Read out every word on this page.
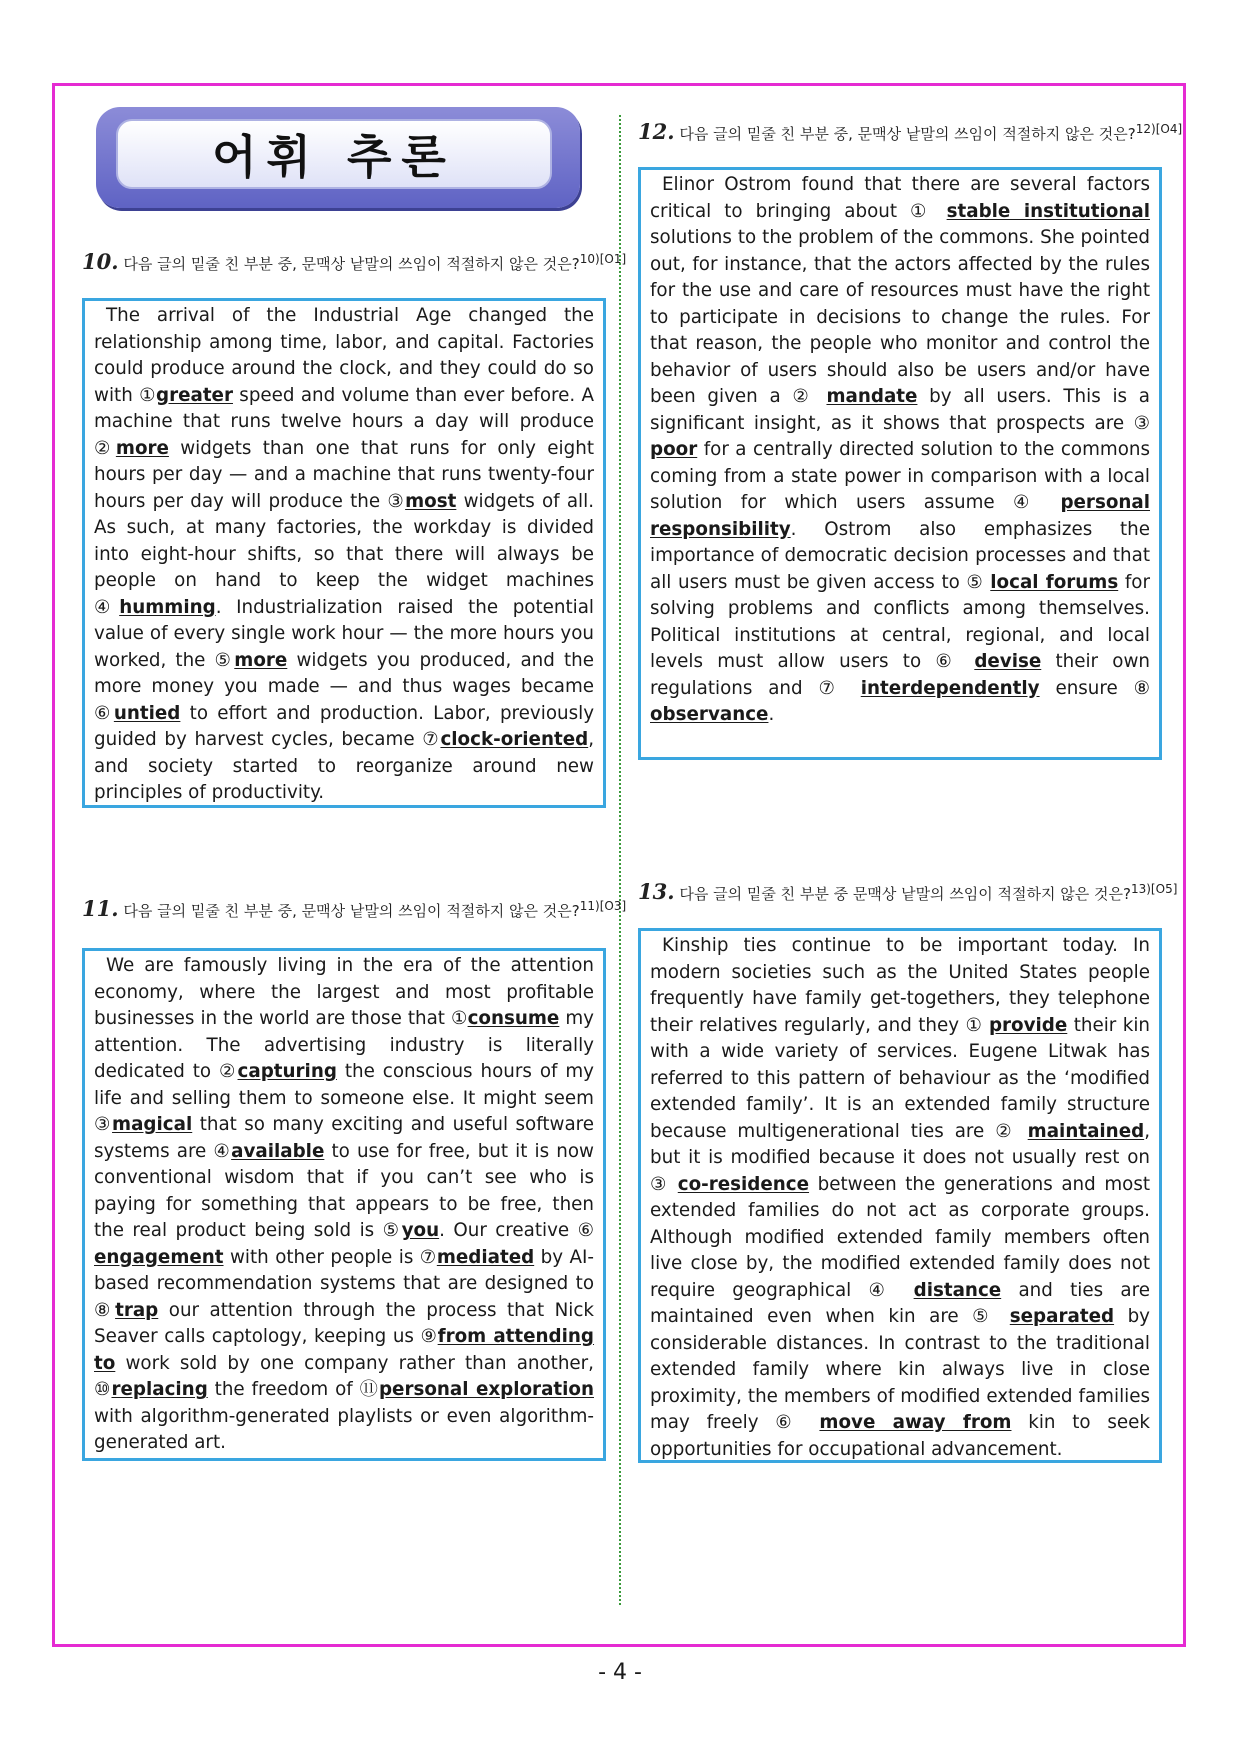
어휘 추론
10. 다음 글의 밑줄 친 부분 중, 문맥상 낱말의 쓰임이 적절하지 않은 것은?$^{10)[O1]}$
The arrival of the Industrial Age changed the relationship among time, labor, and capital. Factories could produce around the clock, and they could do so with ①greater speed and volume than ever before. A machine that runs twelve hours a day will produce ②more widgets than one that runs for only eight hours per day — and a machine that runs twenty-four hours per day will produce the ③most widgets of all. As such, at many factories, the workday is divided into eight-hour shifts, so that there will always be people on hand to keep the widget machines ④humming. Industrialization raised the potential value of every single work hour — the more hours you worked, the ⑤more widgets you produced, and the more money you made — and thus wages became ⑥untied to effort and production. Labor, previously guided by harvest cycles, became ⑦clock-oriented, and society started to reorganize around new principles of productivity.
11. 다음 글의 밑줄 친 부분 중, 문맥상 낱말의 쓰임이 적절하지 않은 것은?$^{11)[O3]}$
We are famously living in the era of the attention economy, where the largest and most profitable businesses in the world are those that ①consume my attention. The advertising industry is literally dedicated to ②capturing the conscious hours of my life and selling them to someone else. It might seem ③magical that so many exciting and useful software systems are ④available to use for free, but it is now conventional wisdom that if you can’t see who is paying for something that appears to be free, then the real product being sold is ⑤you. Our creative ⑥ engagement with other people is ⑦mediated by AI-based recommendation systems that are designed to ⑧trap our attention through the process that Nick Seaver calls captology, keeping us ⑨from attending to work sold by one company rather than another, ⑩replacing the freedom of ⑪personal exploration with algorithm-generated playlists or even algorithm-generated art.
12. 다음 글의 밑줄 친 부분 중, 문맥상 낱말의 쓰임이 적절하지 않은 것은?$^{12)[O4]}$
Elinor Ostrom found that there are several factors critical to bringing about ① stable institutional solutions to the problem of the commons. She pointed out, for instance, that the actors affected by the rules for the use and care of resources must have the right to participate in decisions to change the rules. For that reason, the people who monitor and control the behavior of users should also be users and/or have been given a ② mandate by all users. This is a significant insight, as it shows that prospects are ③ poor for a centrally directed solution to the commons coming from a state power in comparison with a local solution for which users assume ④ personal responsibility. Ostrom also emphasizes the importance of democratic decision processes and that all users must be given access to ⑤ local forums for solving problems and conflicts among themselves. Political institutions at central, regional, and local levels must allow users to ⑥ devise their own regulations and ⑦ interdependently ensure ⑧ observance.
13. 다음 글의 밑줄 친 부분 중 문맥상 낱말의 쓰임이 적절하지 않은 것은?$^{13)[O5]}$
Kinship ties continue to be important today. In modern societies such as the United States people frequently have family get-togethers, they telephone their relatives regularly, and they ① provide their kin with a wide variety of services. Eugene Litwak has referred to this pattern of behaviour as the ‘modified extended family’. It is an extended family structure because multigenerational ties are ② maintained, but it is modified because it does not usually rest on ③ co-residence between the generations and most extended families do not act as corporate groups. Although modified extended family members often live close by, the modified extended family does not require geographical ④ distance and ties are maintained even when kin are ⑤ separated by considerable distances. In contrast to the traditional extended family where kin always live in close proximity, the members of modified extended families may freely ⑥ move away from kin to seek opportunities for occupational advancement.
- 4 -
